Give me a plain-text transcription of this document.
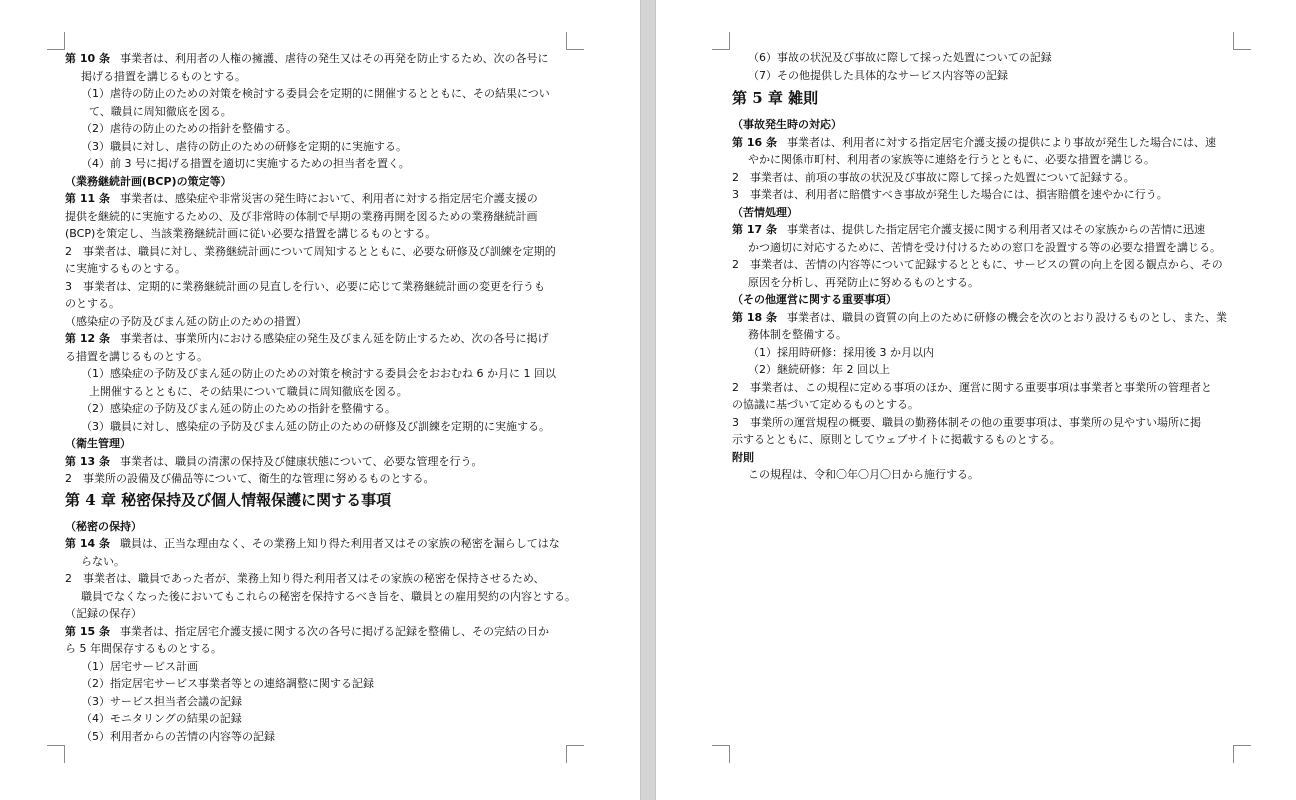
第 10 条 事業者は、利用者の人権の擁護、虐待の発生又はその再発を防止するため、次の各号に
掲げる措置を講じるものとする。
（1）虐待の防止のための対策を検討する委員会を定期的に開催するとともに、その結果につい
て、職員に周知徹底を図る。
（2）虐待の防止のための指針を整備する。
（3）職員に対し、虐待の防止のための研修を定期的に実施する。
（4）前 3 号に掲げる措置を適切に実施するための担当者を置く。
（業務継続計画(BCP)の策定等）
第 11 条 事業者は、感染症や非常災害の発生時において、利用者に対する指定居宅介護支援の
提供を継続的に実施するための、及び非常時の体制で早期の業務再開を図るための業務継続計画
(BCP)を策定し、当該業務継続計画に従い必要な措置を講じるものとする。
2　事業者は、職員に対し、業務継続計画について周知するとともに、必要な研修及び訓練を定期的
に実施するものとする。
3　事業者は、定期的に業務継続計画の見直しを行い、必要に応じて業務継続計画の変更を行うも
のとする。
（感染症の予防及びまん延の防止のための措置）
第 12 条 事業者は、事業所内における感染症の発生及びまん延を防止するため、次の各号に掲げ
る措置を講じるものとする。
（1）感染症の予防及びまん延の防止のための対策を検討する委員会をおおむね 6 か月に 1 回以
上開催するとともに、その結果について職員に周知徹底を図る。
（2）感染症の予防及びまん延の防止のための指針を整備する。
（3）職員に対し、感染症の予防及びまん延の防止のための研修及び訓練を定期的に実施する。
（衛生管理）
第 13 条 事業者は、職員の清潔の保持及び健康状態について、必要な管理を行う。
2　事業所の設備及び備品等について、衛生的な管理に努めるものとする。
第 4 章 秘密保持及び個人情報保護に関する事項
（秘密の保持）
第 14 条 職員は、正当な理由なく、その業務上知り得た利用者又はその家族の秘密を漏らしてはな
らない。
2　事業者は、職員であった者が、業務上知り得た利用者又はその家族の秘密を保持させるため、
職員でなくなった後においてもこれらの秘密を保持するべき旨を、職員との雇用契約の内容とする。
（記録の保存）
第 15 条 事業者は、指定居宅介護支援に関する次の各号に掲げる記録を整備し、その完結の日か
ら 5 年間保存するものとする。
（1）居宅サービス計画
（2）指定居宅サービス事業者等との連絡調整に関する記録
（3）サービス担当者会議の記録
（4）モニタリングの結果の記録
（5）利用者からの苦情の内容等の記録
（6）事故の状況及び事故に際して採った処置についての記録
（7）その他提供した具体的なサービス内容等の記録
第 5 章 雑則
（事故発生時の対応）
第 16 条 事業者は、利用者に対する指定居宅介護支援の提供により事故が発生した場合には、速
やかに関係市町村、利用者の家族等に連絡を行うとともに、必要な措置を講じる。
2　事業者は、前項の事故の状況及び事故に際して採った処置について記録する。
3　事業者は、利用者に賠償すべき事故が発生した場合には、損害賠償を速やかに行う。
（苦情処理）
第 17 条 事業者は、提供した指定居宅介護支援に関する利用者又はその家族からの苦情に迅速
かつ適切に対応するために、苦情を受け付けるための窓口を設置する等の必要な措置を講じる。
2　事業者は、苦情の内容等について記録するとともに、サービスの質の向上を図る観点から、その
原因を分析し、再発防止に努めるものとする。
（その他運営に関する重要事項）
第 18 条 事業者は、職員の資質の向上のために研修の機会を次のとおり設けるものとし、また、業
務体制を整備する。
（1）採用時研修：採用後 3 か月以内
（2）継続研修：年 2 回以上
2　事業者は、この規程に定める事項のほか、運営に関する重要事項は事業者と事業所の管理者と
の協議に基づいて定めるものとする。
3　事業所の運営規程の概要、職員の勤務体制その他の重要事項は、事業所の見やすい場所に掲
示するとともに、原則としてウェブサイトに掲載するものとする。
附則
この規程は、令和〇年〇月〇日から施行する。
